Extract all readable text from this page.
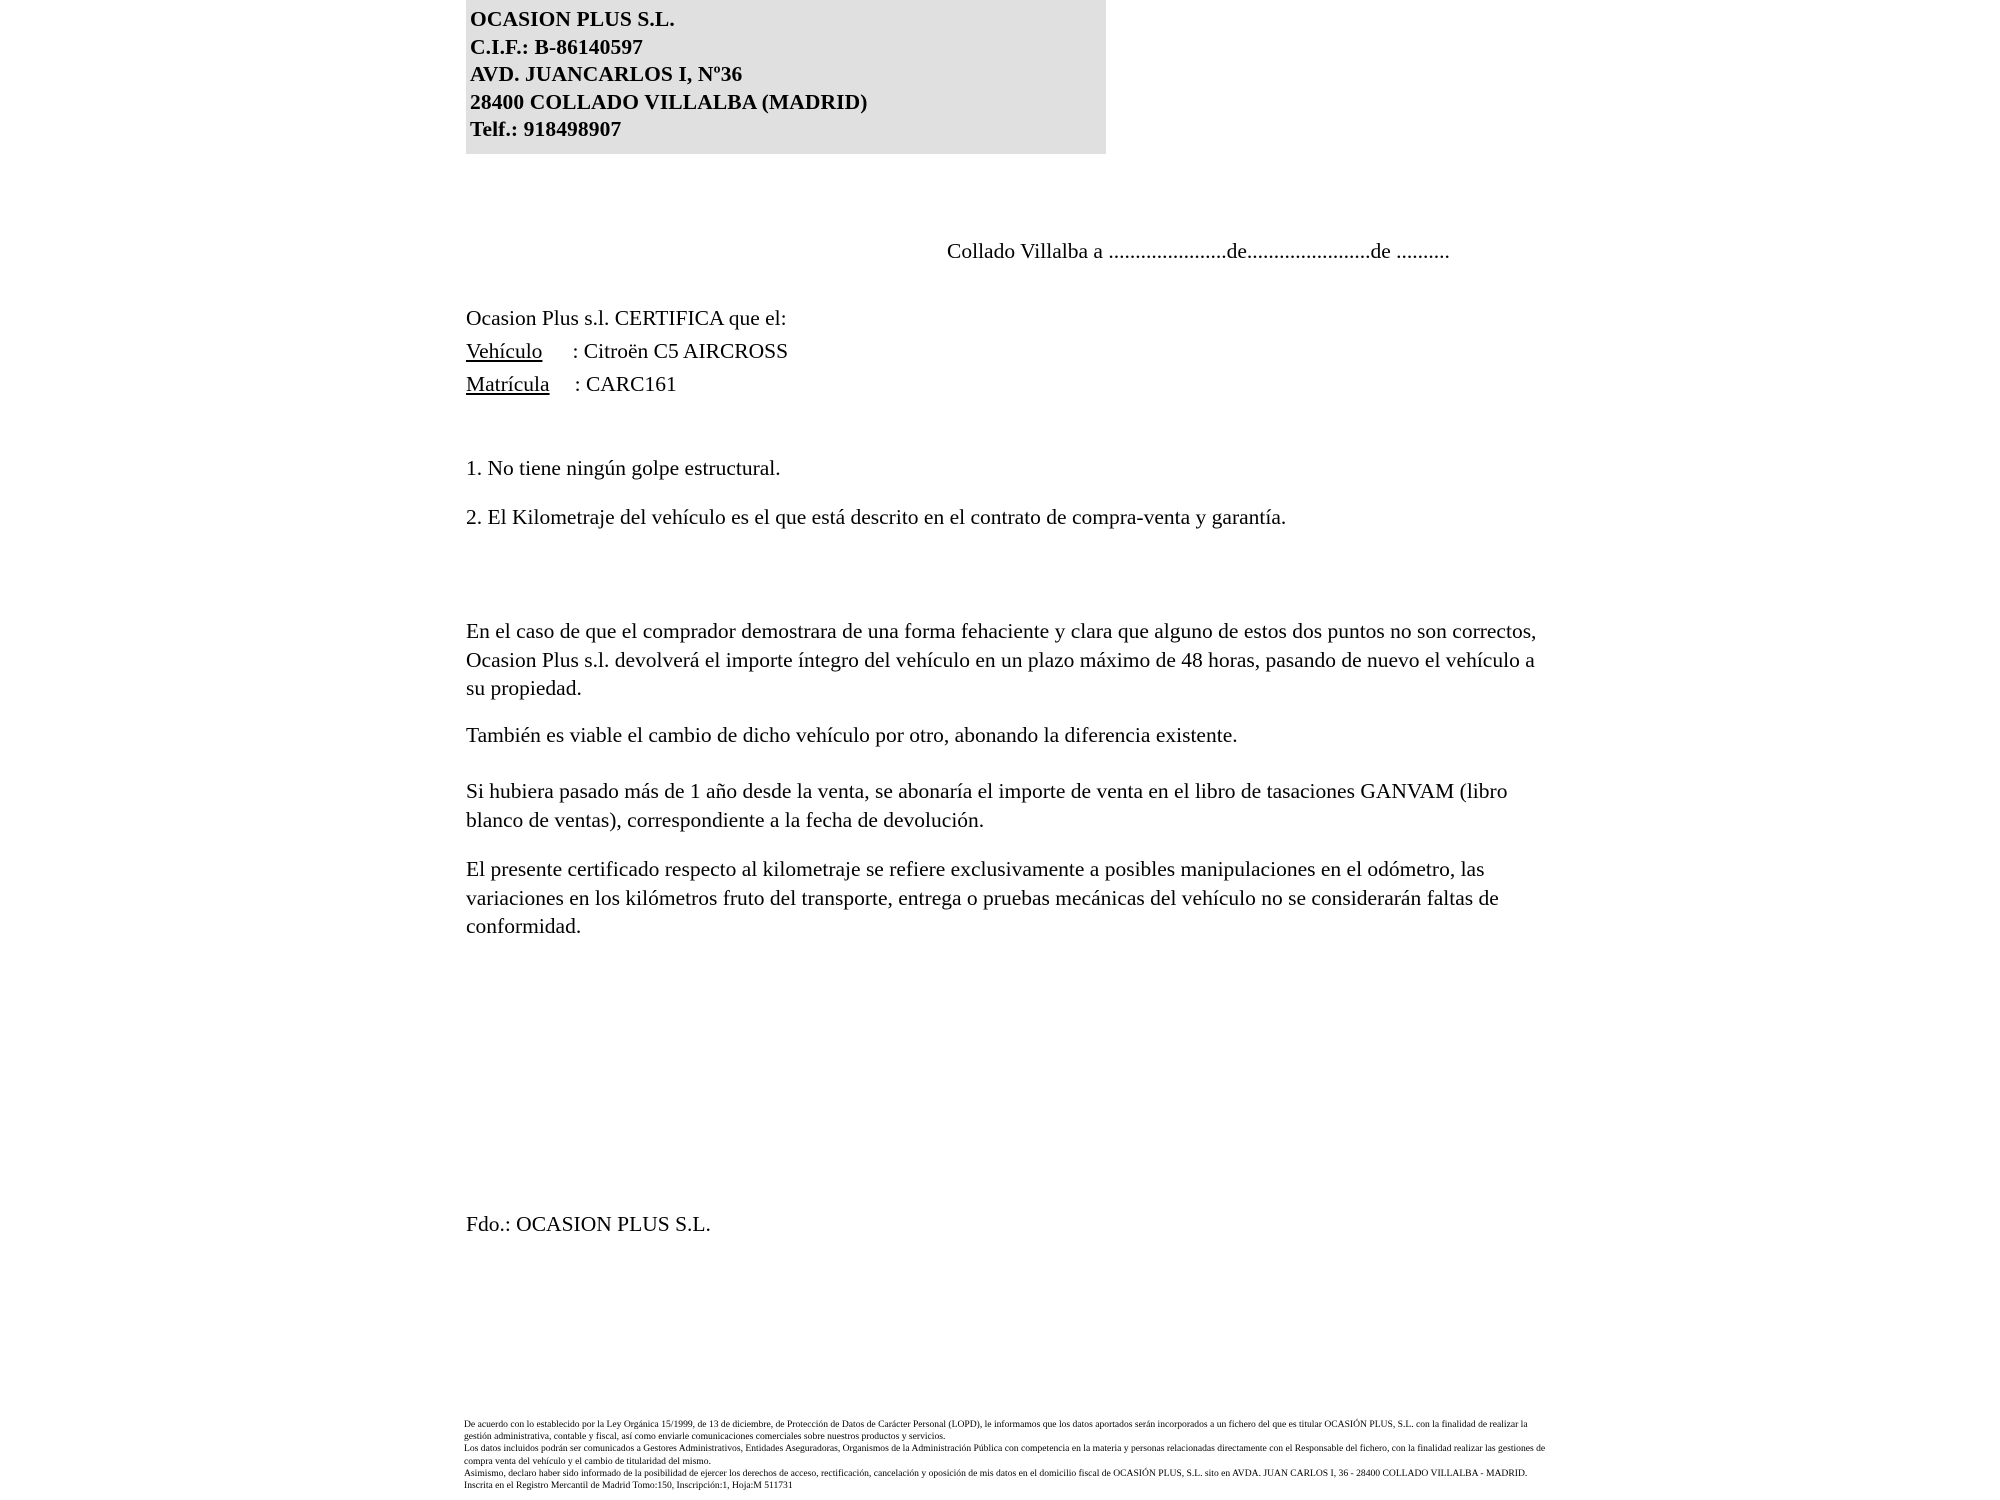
OCASION PLUS S.L.
C.I.F.: B-86140597
AVD. JUANCARLOS I, Nº36
28400 COLLADO VILLALBA (MADRID)
Telf.: 918498907
Collado Villalba a ......................de.......................de ..........
Ocasion Plus s.l. CERTIFICA que el:
Vehículo : Citroën C5 AIRCROSS
Matrícula : CARC161
1. No tiene ningún golpe estructural.
2. El Kilometraje del vehículo es el que está descrito en el contrato de compra-venta y garantía.
En el caso de que el comprador demostrara de una forma fehaciente y clara que alguno de estos dos puntos no son correctos, Ocasion Plus s.l. devolverá el importe íntegro del vehículo en un plazo máximo de 48 horas, pasando de nuevo el vehículo a su propiedad.
También es viable el cambio de dicho vehículo por otro, abonando la diferencia existente.
Si hubiera pasado más de 1 año desde la venta, se abonaría el importe de venta en el libro de tasaciones GANVAM (libro blanco de ventas), correspondiente a la fecha de devolución.
El presente certificado respecto al kilometraje se refiere exclusivamente a posibles manipulaciones en el odómetro, las variaciones en los kilómetros fruto del transporte, entrega o pruebas mecánicas del vehículo no se considerarán faltas de conformidad.
Fdo.: OCASION PLUS S.L.

De acuerdo con lo establecido por la Ley Orgánica 15/1999, de 13 de diciembre, de Protección de Datos de Carácter Personal (LOPD), le informamos que los datos aportados serán incorporados a un fichero del que es titular OCASIÓN PLUS, S.L. con la finalidad de realizar la gestión administrativa, contable y fiscal, así como enviarle comunicaciones comerciales sobre nuestros productos y servicios.

Los datos incluidos podrán ser comunicados a Gestores Administrativos, Entidades Aseguradoras, Organismos de la Administración Pública con competencia en la materia y personas relacionadas directamente con el Responsable del fichero, con la finalidad realizar las gestiones de compra venta del vehículo y el cambio de titularidad del mismo.

Asimismo, declaro haber sido informado de la posibilidad de ejercer los derechos de acceso, rectificación, cancelación y oposición de mis datos en el domicilio fiscal de OCASIÓN PLUS, S.L. sito en AVDA. JUAN CARLOS I, 36 - 28400 COLLADO VILLALBA - MADRID. Inscrita en el Registro Mercantil de Madrid Tomo:150, Inscripción:1, Hoja:M 511731
